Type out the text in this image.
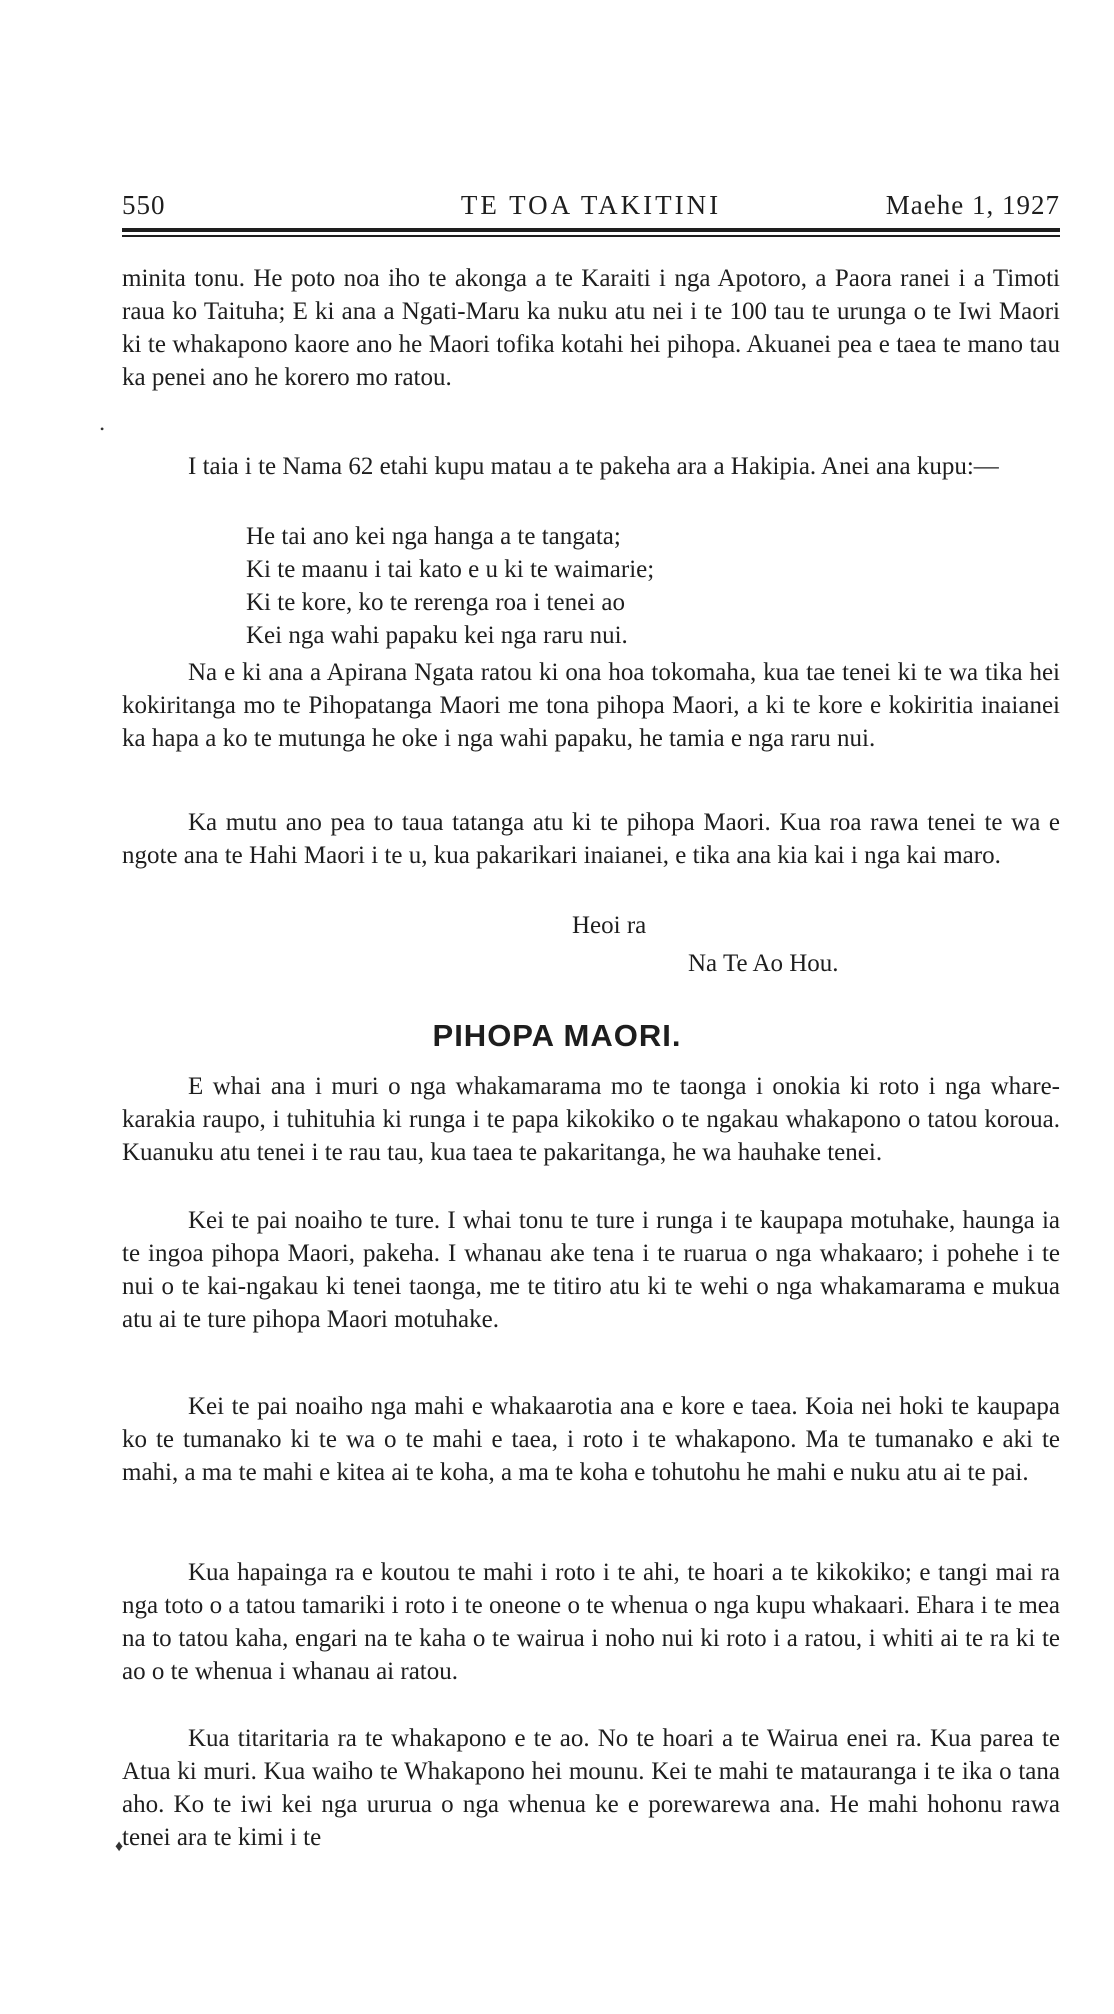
550	TE TOA TAKITINI	Maehe 1, 1927

minita tonu. He poto noa iho te akonga a te Karaiti i nga Apotoro, a Paora ranei i a Timoti raua ko Taituha; E ki ana a Ngati-Maru ka nuku atu nei i te 100 tau te urunga o te Iwi Maori ki te whakapono kaore ano he Maori tofika kotahi hei pihopa. Akuanei pea e taea te mano tau ka penei ano he korero mo ratou.

I taia i te Nama 62 etahi kupu matau a te pakeha ara a Hakipia. Anei ana kupu:—

He tai ano kei nga hanga a te tangata;
Ki te maanu i tai kato e u ki te waimarie;
Ki te kore, ko te rerenga roa i tenei ao
Kei nga wahi papaku kei nga raru nui.

Na e ki ana a Apirana Ngata ratou ki ona hoa tokomaha, kua tae tenei ki te wa tika hei kokiritanga mo te Pihopatanga Maori me tona pihopa Maori, a ki te kore e kokiritia inaianei ka hapa a ko te mutunga he oke i nga wahi papaku, he tamia e nga raru nui.

Ka mutu ano pea to taua tatanga atu ki te pihopa Maori. Kua roa rawa tenei te wa e ngote ana te Hahi Maori i te u, kua pakarikari inaianei, e tika ana kia kai i nga kai maro.

Heoi ra
Na Te Ao Hou.
PIHOPA MAORI.

E whai ana i muri o nga whakamarama mo te taonga i onokia ki roto i nga whare-karakia raupo, i tuhituhia ki runga i te papa kikokiko o te ngakau whakapono o tatou koroua. Kuanuku atu tenei i te rau tau, kua taea te pakaritanga, he wa hauhake tenei.

Kei te pai noaiho te ture. I whai tonu te ture i runga i te kaupapa motuhake, haunga ia te ingoa pihopa Maori, pakeha. I whanau ake tena i te ruarua o nga whakaaro; i pohehe i te nui o te kai-ngakau ki tenei taonga, me te titiro atu ki te wehi o nga whakamarama e mukua atu ai te ture pihopa Maori motuhake.

Kei te pai noaiho nga mahi e whakaarotia ana e kore e taea. Koia nei hoki te kaupapa ko te tumanako ki te wa o te mahi e taea, i roto i te whakapono. Ma te tumanako e aki te mahi, a ma te mahi e kitea ai te koha, a ma te koha e tohutohu he mahi e nuku atu ai te pai.

Kua hapainga ra e koutou te mahi i roto i te ahi, te hoari a te kikokiko; e tangi mai ra nga toto o a tatou tamariki i roto i te oneone o te whenua o nga kupu whakaari. Ehara i te mea na to tatou kaha, engari na te kaha o te wairua i noho nui ki roto i a ratou, i whiti ai te ra ki te ao o te whenua i whanau ai ratou.

Kua titaritaria ra te whakapono e te ao. No te hoari a te Wairua enei ra. Kua parea te Atua ki muri. Kua waiho te Whakapono hei mounu. Kei te mahi te matauranga i te ika o tana aho. Ko te iwi kei nga ururua o nga whenua ke e porewarewa ana. He mahi hohonu rawa tenei ara te kimi i te

•
♦
